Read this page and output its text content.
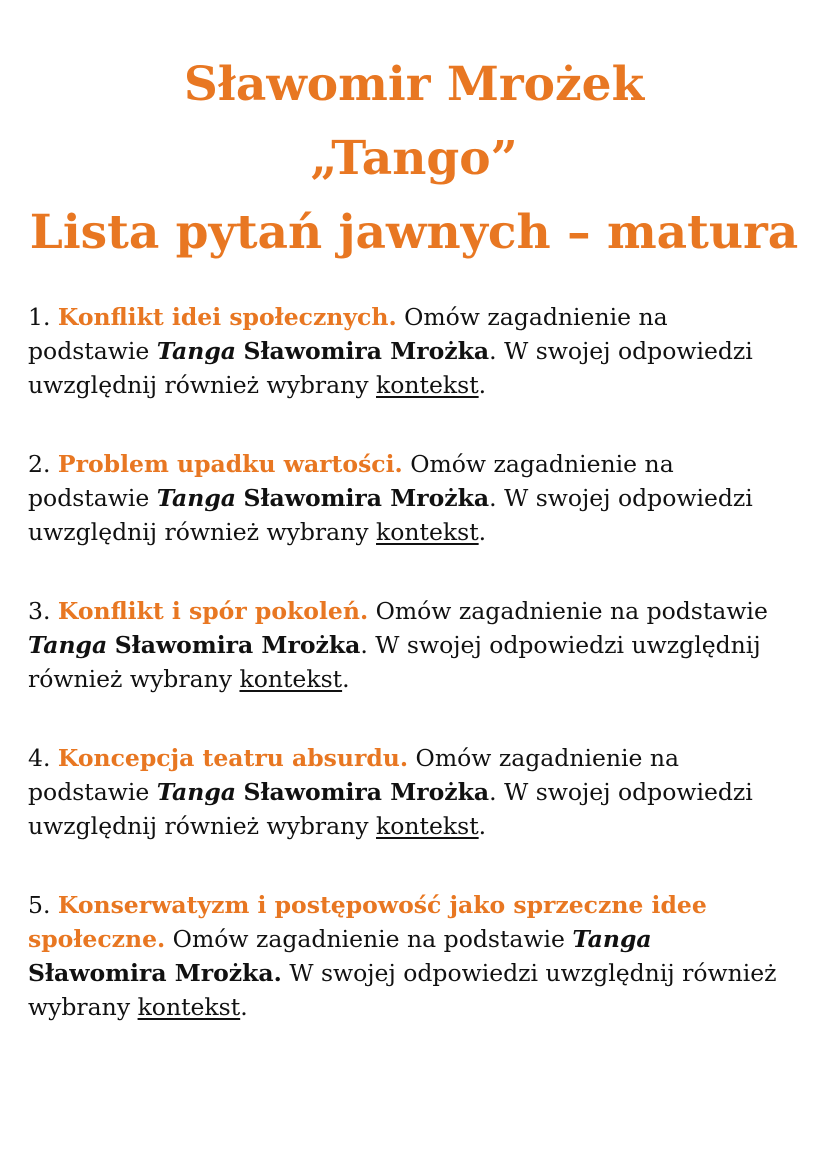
Sławomir Mrożek
„Tango”
Lista pytań jawnych – matura

1. Konflikt idei społecznych. Omów zagadnienie na
podstawie Tanga Sławomira Mrożka. W swojej odpowiedzi
uwzględnij również wybrany kontekst.

2. Problem upadku wartości. Omów zagadnienie na
podstawie Tanga Sławomira Mrożka. W swojej odpowiedzi
uwzględnij również wybrany kontekst.

3. Konflikt i spór pokoleń. Omów zagadnienie na podstawie
Tanga Sławomira Mrożka. W swojej odpowiedzi uwzględnij
również wybrany kontekst.

4. Koncepcja teatru absurdu. Omów zagadnienie na
podstawie Tanga Sławomira Mrożka. W swojej odpowiedzi
uwzględnij również wybrany kontekst.

5. Konserwatyzm i postępowość jako sprzeczne idee
społeczne. Omów zagadnienie na podstawie Tanga
Sławomira Mrożka. W swojej odpowiedzi uwzględnij również
wybrany kontekst.
